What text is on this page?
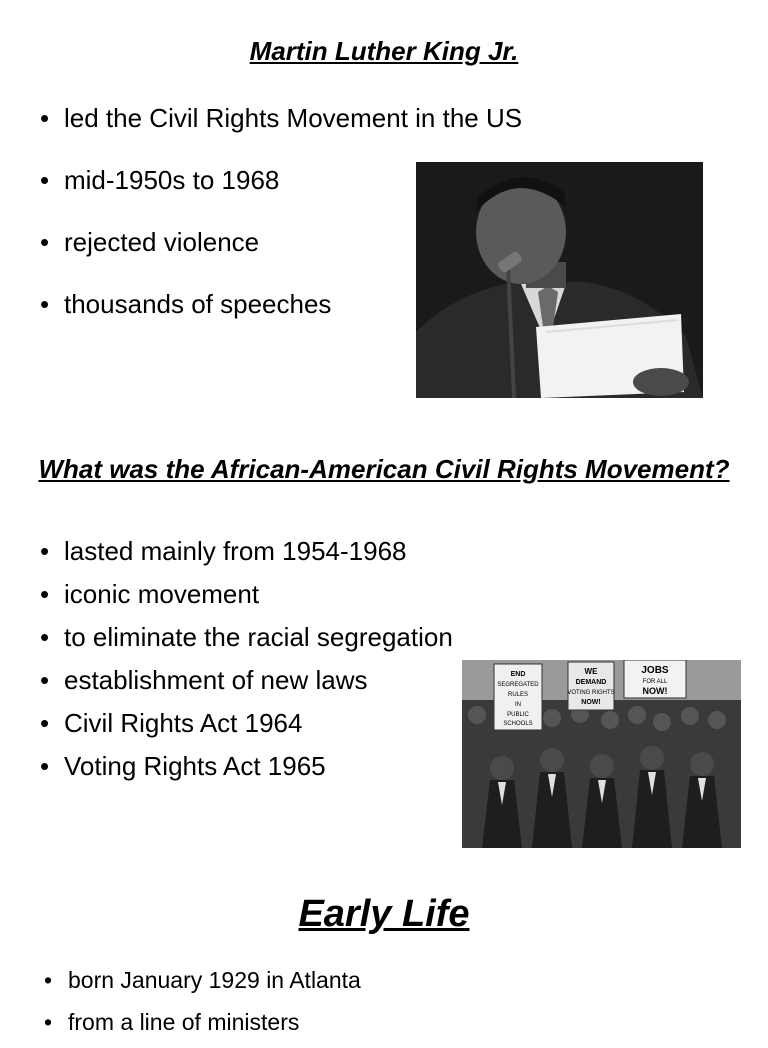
Martin Luther King Jr.
• led the Civil Rights Movement in the US
• mid-1950s to 1968
• rejected violence
• thousands of speeches
What was the African-American Civil Rights Movement?
• lasted mainly from 1954-1968
• iconic movement
• to eliminate the racial segregation
• establishment of new laws
• Civil Rights Act 1964
• Voting Rights Act 1965
END
SEGREGATED
RULES
IN
PUBLIC
SCHOOLS
WE
DEMAND
VOTING RIGHTS
NOW!
JOBS
FOR ALL
NOW!
Early Life
• born January 1929 in Atlanta
• from a line of ministers
